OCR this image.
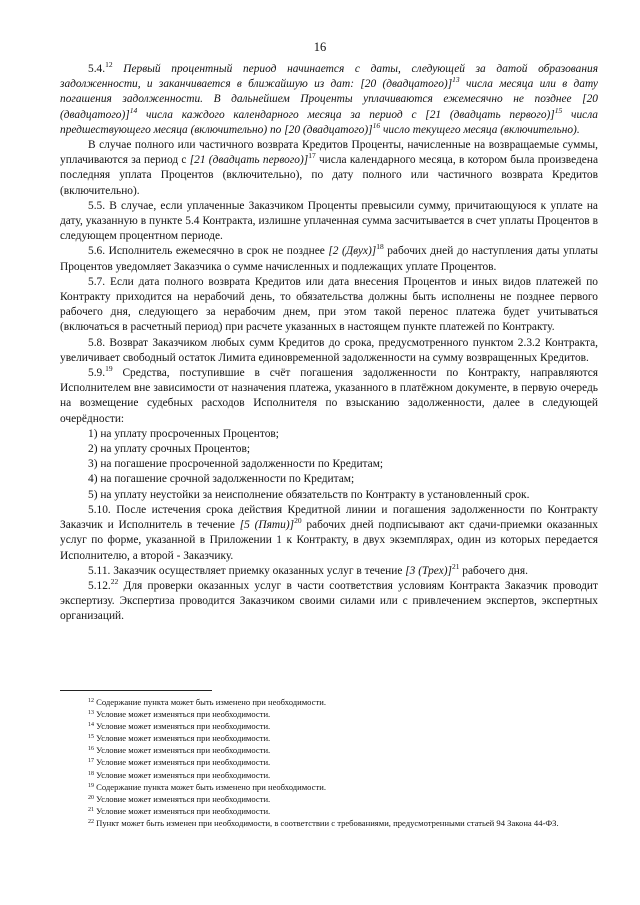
16

5.4.12 Первый процентный период начинается с даты, следующей за датой образования задолженности, и заканчивается в ближайшую из дат: [20 (двадцатого)]$^{13}$ числа месяца или в дату погашения задолженности. В дальнейшем Проценты уплачиваются ежемесячно не позднее [20 (двадцатого)]$^{14}$ числа каждого календарного месяца за период с [21 (двадцать первого)]$^{15}$ числа предшествующего месяца (включительно) по [20 (двадцатого)]$^{16}$ число текущего месяца (включительно).

В случае полного или частичного возврата Кредитов Проценты, начисленные на возвращаемые суммы, уплачиваются за период с [21 (двадцать первого)]$^{17}$ числа календарного месяца, в котором была произведена последняя уплата Процентов (включительно), по дату полного или частичного возврата Кредитов (включительно).

5.5. В случае, если уплаченные Заказчиком Проценты превысили сумму, причитающуюся к уплате на дату, указанную в пункте 5.4 Контракта, излишне уплаченная сумма засчитывается в счет уплаты Процентов в следующем процентном периоде.

5.6. Исполнитель ежемесячно в срок не позднее [2 (Двух)]$^{18}$ рабочих дней до наступления даты уплаты Процентов уведомляет Заказчика о сумме начисленных и подлежащих уплате Процентов.

5.7. Если дата полного возврата Кредитов или дата внесения Процентов и иных видов платежей по Контракту приходится на нерабочий день, то обязательства должны быть исполнены не позднее первого рабочего дня, следующего за нерабочим днем, при этом такой перенос платежа будет учитываться (включаться в расчетный период) при расчете указанных в настоящем пункте платежей по Контракту.

5.8. Возврат Заказчиком любых сумм Кредитов до срока, предусмотренного пунктом 2.3.2 Контракта, увеличивает свободный остаток Лимита единовременной задолженности на сумму возвращенных Кредитов.

5.9.19 Средства, поступившие в счёт погашения задолженности по Контракту, направляются Исполнителем вне зависимости от назначения платежа, указанного в платёжном документе, в первую очередь на возмещение судебных расходов Исполнителя по взысканию задолженности, далее в следующей очерёдности:

1) на уплату просроченных Процентов;

2) на уплату срочных Процентов;

3) на погашение просроченной задолженности по Кредитам;

4) на погашение срочной задолженности по Кредитам;

5) на уплату неустойки за неисполнение обязательств по Контракту в установленный срок.

5.10. После истечения срока действия Кредитной линии и погашения задолженности по Контракту Заказчик и Исполнитель в течение [5 (Пяти)]$^{20}$ рабочих дней подписывают акт сдачи-приемки оказанных услуг по форме, указанной в Приложении 1 к Контракту, в двух экземплярах, один из которых передается Исполнителю, а второй - Заказчику.

5.11. Заказчик осуществляет приемку оказанных услуг в течение [3 (Трех)]$^{21}$ рабочего дня.

5.12.22 Для проверки оказанных услуг в части соответствия условиям Контракта Заказчик проводит экспертизу. Экспертиза проводится Заказчиком своими силами или с привлечением экспертов, экспертных организаций.

$^{12}$ Содержание пункта может быть изменено при необходимости.

$^{13}$ Условие может изменяться при необходимости.

$^{14}$ Условие может изменяться при необходимости.

$^{15}$ Условие может изменяться при необходимости.

$^{16}$ Условие может изменяться при необходимости.

$^{17}$ Условие может изменяться при необходимости.

$^{18}$ Условие может изменяться при необходимости.

$^{19}$ Содержание пункта может быть изменено при необходимости.

$^{20}$ Условие может изменяться при необходимости.

$^{21}$ Условие может изменяться при необходимости.

$^{22}$ Пункт может быть изменен при необходимости, в соответствии с требованиями, предусмотренными статьей 94 Закона 44-ФЗ.
